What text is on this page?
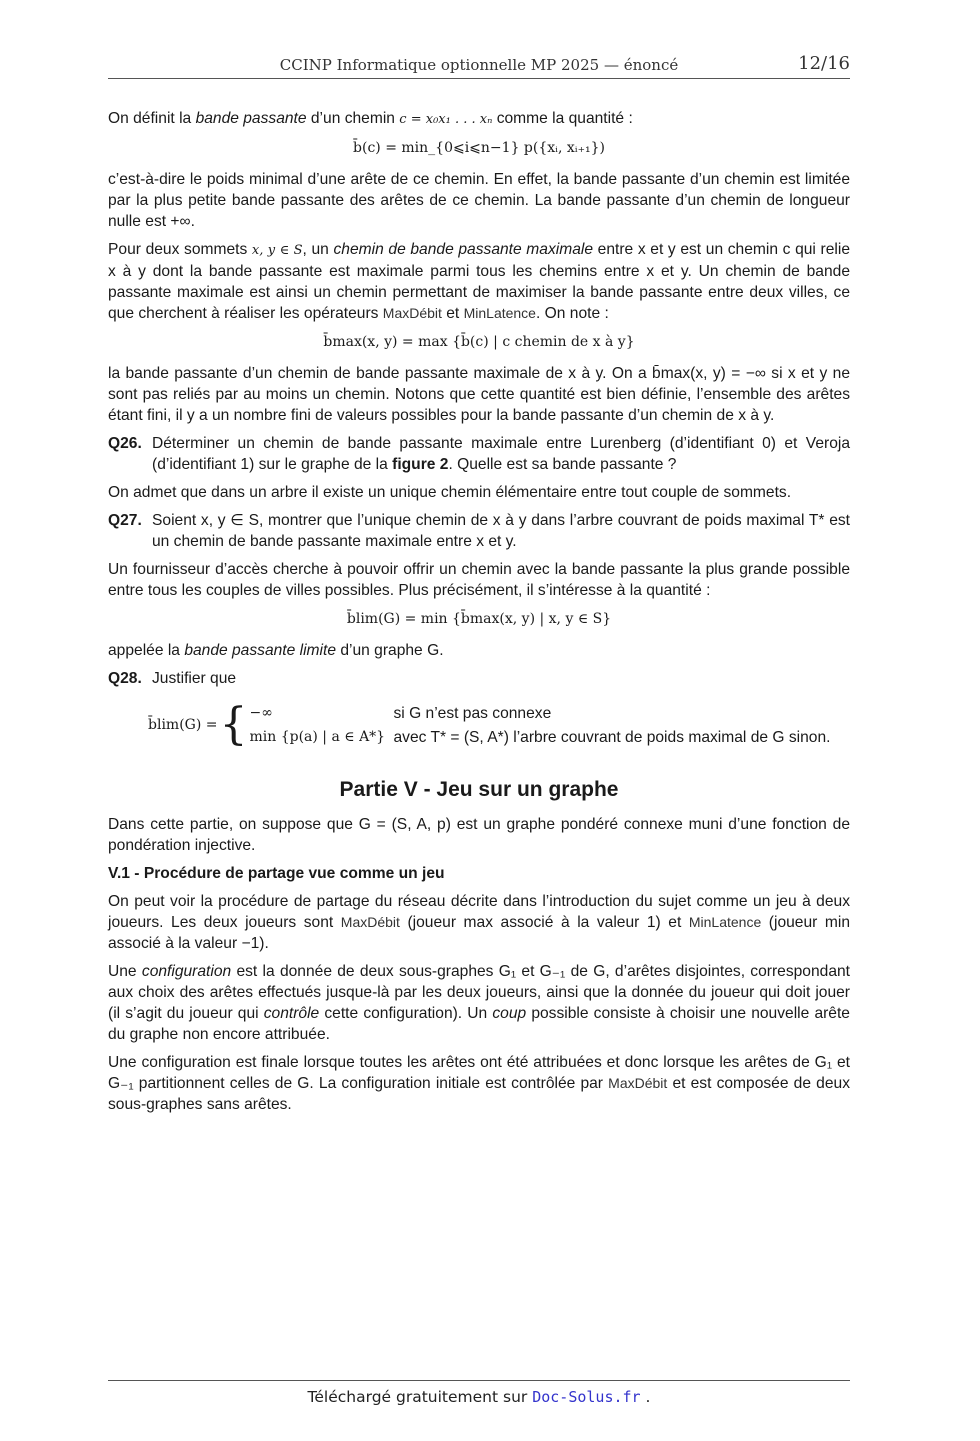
CCINP Informatique optionnelle MP 2025 — énoncé	12/16

On définit la bande passante d’un chemin c = x₀x₁ . . . xₙ comme la quantité :

b̄(c) = min_{0⩽i⩽n−1} p({xᵢ, xᵢ₊₁})

c’est-à-dire le poids minimal d’une arête de ce chemin. En effet, la bande passante d’un chemin est limitée par la plus petite bande passante des arêtes de ce chemin. La bande passante d’un chemin de longueur nulle est +∞.

Pour deux sommets x, y ∈ S, un chemin de bande passante maximale entre x et y est un chemin c qui relie x à y dont la bande passante est maximale parmi tous les chemins entre x et y. Un chemin de bande passante maximale est ainsi un chemin permettant de maximiser la bande passante entre deux villes, ce que cherchent à réaliser les opérateurs MaxDébit et MinLatence. On note :

b̄max(x, y) = max {b̄(c) | c chemin de x à y}

la bande passante d’un chemin de bande passante maximale de x à y. On a b̄max(x, y) = −∞ si x et y ne sont pas reliés par au moins un chemin. Notons que cette quantité est bien définie, l’ensemble des arêtes étant fini, il y a un nombre fini de valeurs possibles pour la bande passante d’un chemin de x à y.

Q26. Déterminer un chemin de bande passante maximale entre Lurenberg (d’identifiant 0) et Veroja (d’identifiant 1) sur le graphe de la figure 2. Quelle est sa bande passante ?

On admet que dans un arbre il existe un unique chemin élémentaire entre tout couple de sommets.

Q27. Soient x, y ∈ S, montrer que l’unique chemin de x à y dans l’arbre couvrant de poids maximal T* est un chemin de bande passante maximale entre x et y.

Un fournisseur d’accès cherche à pouvoir offrir un chemin avec la bande passante la plus grande possible entre tous les couples de villes possibles. Plus précisément, il s’intéresse à la quantité :

b̄lim(G) = min {b̄max(x, y) | x, y ∈ S}

appelée la bande passante limite d’un graphe G.

Q28. Justifier que
b̄lim(G) = { −∞	si G n’est pas connexe
min {p(a) | a ∈ A*} avec T* = (S, A*) l’arbre couvrant de poids maximal de G sinon.
Partie V - Jeu sur un graphe

Dans cette partie, on suppose que G = (S, A, p) est un graphe pondéré connexe muni d’une fonction de pondération injective.

V.1 - Procédure de partage vue comme un jeu

On peut voir la procédure de partage du réseau décrite dans l’introduction du sujet comme un jeu à deux joueurs. Les deux joueurs sont MaxDébit (joueur max associé à la valeur 1) et MinLatence (joueur min associé à la valeur −1).

Une configuration est la donnée de deux sous-graphes G₁ et G₋₁ de G, d’arêtes disjointes, correspondant aux choix des arêtes effectués jusque-là par les deux joueurs, ainsi que la donnée du joueur qui doit jouer (il s’agit du joueur qui contrôle cette configuration). Un coup possible consiste à choisir une nouvelle arête du graphe non encore attribuée.

Une configuration est finale lorsque toutes les arêtes ont été attribuées et donc lorsque les arêtes de G₁ et G₋₁ partitionnent celles de G. La configuration initiale est contrôlée par MaxDébit et est composée de deux sous-graphes sans arêtes.

Téléchargé gratuitement sur Doc-Solus.fr .
